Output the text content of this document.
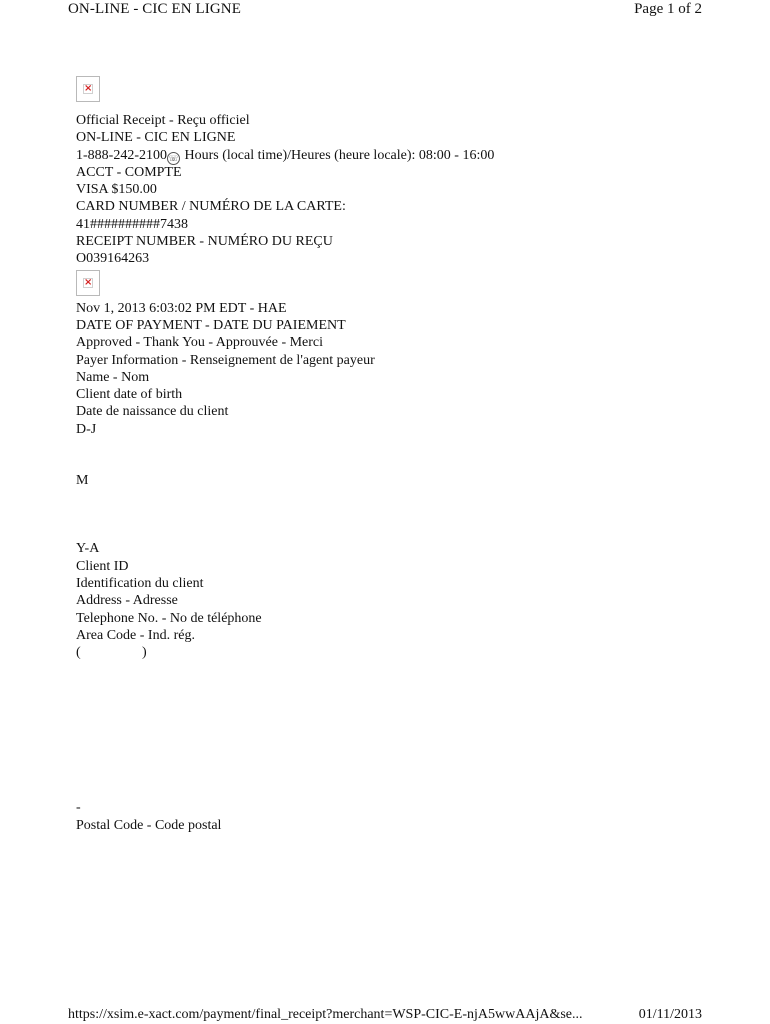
ON-LINE - CIC EN LIGNE	Page 1 of 2
×
Official Receipt - Reçu officiel
ON-LINE - CIC EN LIGNE
1-888-242-2100☏ Hours (local time)/Heures (heure locale): 08:00 - 16:00
ACCT - COMPTE
VISA $150.00
CARD NUMBER / NUMÉRO DE LA CARTE:
41##########7438
RECEIPT NUMBER - NUMÉRO DU REÇU
O039164263
×
Nov 1, 2013 6:03:02 PM EDT - HAE
DATE OF PAYMENT - DATE DU PAIEMENT
Approved - Thank You - Approuvée - Merci
Payer Information - Renseignement de l'agent payeur
Name - Nom
Client date of birth
Date de naissance du client
D-J
M
Y-A
Client ID
Identification du client
Address - Adresse
Telephone No. - No de téléphone
Area Code - Ind. rég.
(	)
-
Postal Code - Code postal
https://xsim.e-xact.com/payment/final_receipt?merchant=WSP-CIC-E-njA5wwAAjA&se...	01/11/2013
